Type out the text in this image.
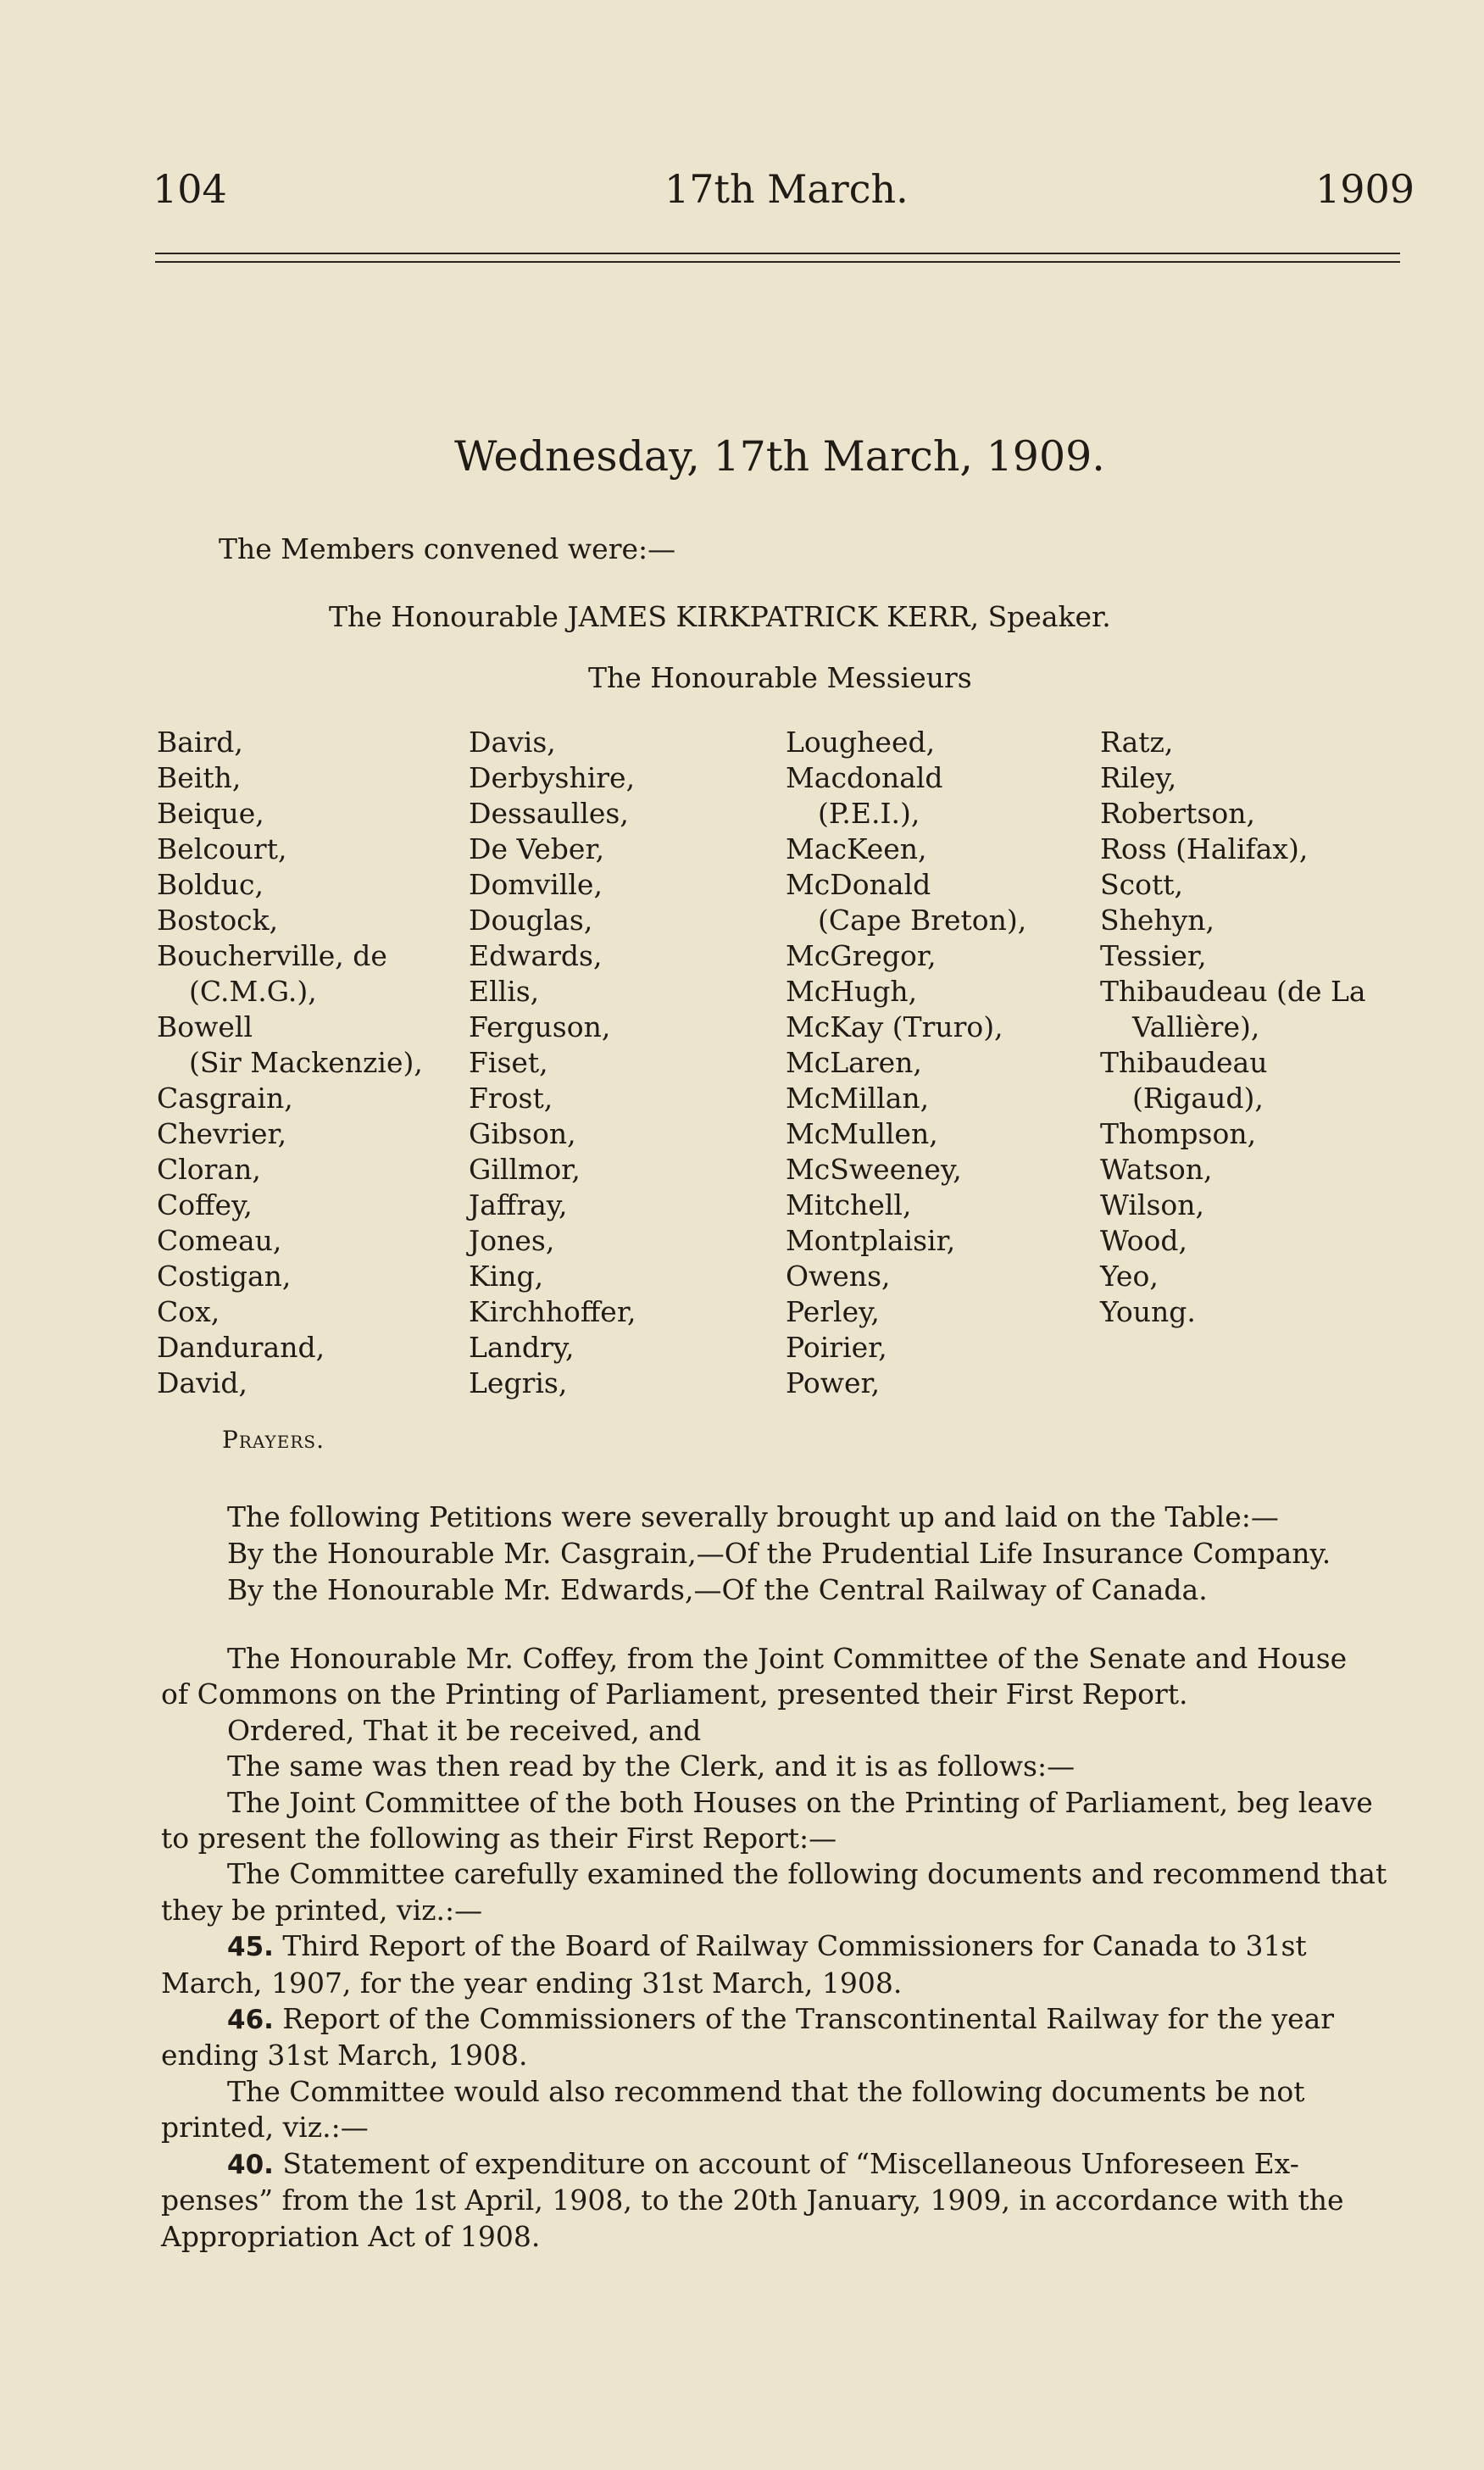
104	17th March.	1909
Wednesday, 17th March, 1909.
The Members convened were:—
The Honourable JAMES KIRKPATRICK KERR, Speaker.
The Honourable Messieurs
Baird,
Beith,
Beique,
Belcourt,
Bolduc,
Bostock,
Boucherville, de
(C.M.G.),
Bowell
(Sir Mackenzie),
Casgrain,
Chevrier,
Cloran,
Coffey,
Comeau,
Costigan,
Cox,
Dandurand,
David,
Davis,
Derbyshire,
Dessaulles,
De Veber,
Domville,
Douglas,
Edwards,
Ellis,
Ferguson,
Fiset,
Frost,
Gibson,
Gillmor,
Jaffray,
Jones,
King,
Kirchhoffer,
Landry,
Legris,
Lougheed,
Macdonald
(P.E.I.),
MacKeen,
McDonald
(Cape Breton),
McGregor,
McHugh,
McKay (Truro),
McLaren,
McMillan,
McMullen,
McSweeney,
Mitchell,
Montplaisir,
Owens,
Perley,
Poirier,
Power,
Ratz,
Riley,
Robertson,
Ross (Halifax),
Scott,
Shehyn,
Tessier,
Thibaudeau (de La
Vallière),
Thibaudeau
(Rigaud),
Thompson,
Watson,
Wilson,
Wood,
Yeo,
Young.
Prayers.
The following Petitions were severally brought up and laid on the Table:—
By the Honourable Mr. Casgrain,—Of the Prudential Life Insurance Company.
By the Honourable Mr. Edwards,—Of the Central Railway of Canada.
The Honourable Mr. Coffey, from the Joint Committee of the Senate and House
of Commons on the Printing of Parliament, presented their First Report.
Ordered, That it be received, and
The same was then read by the Clerk, and it is as follows:—
The Joint Committee of the both Houses on the Printing of Parliament, beg leave
to present the following as their First Report:—
The Committee carefully examined the following documents and recommend that
they be printed, viz.:—
45. Third Report of the Board of Railway Commissioners for Canada to 31st
March, 1907, for the year ending 31st March, 1908.
46. Report of the Commissioners of the Transcontinental Railway for the year
ending 31st March, 1908.
The Committee would also recommend that the following documents be not
printed, viz.:—
40. Statement of expenditure on account of “Miscellaneous Unforeseen Ex-
penses” from the 1st April, 1908, to the 20th January, 1909, in accordance with the
Appropriation Act of 1908.
